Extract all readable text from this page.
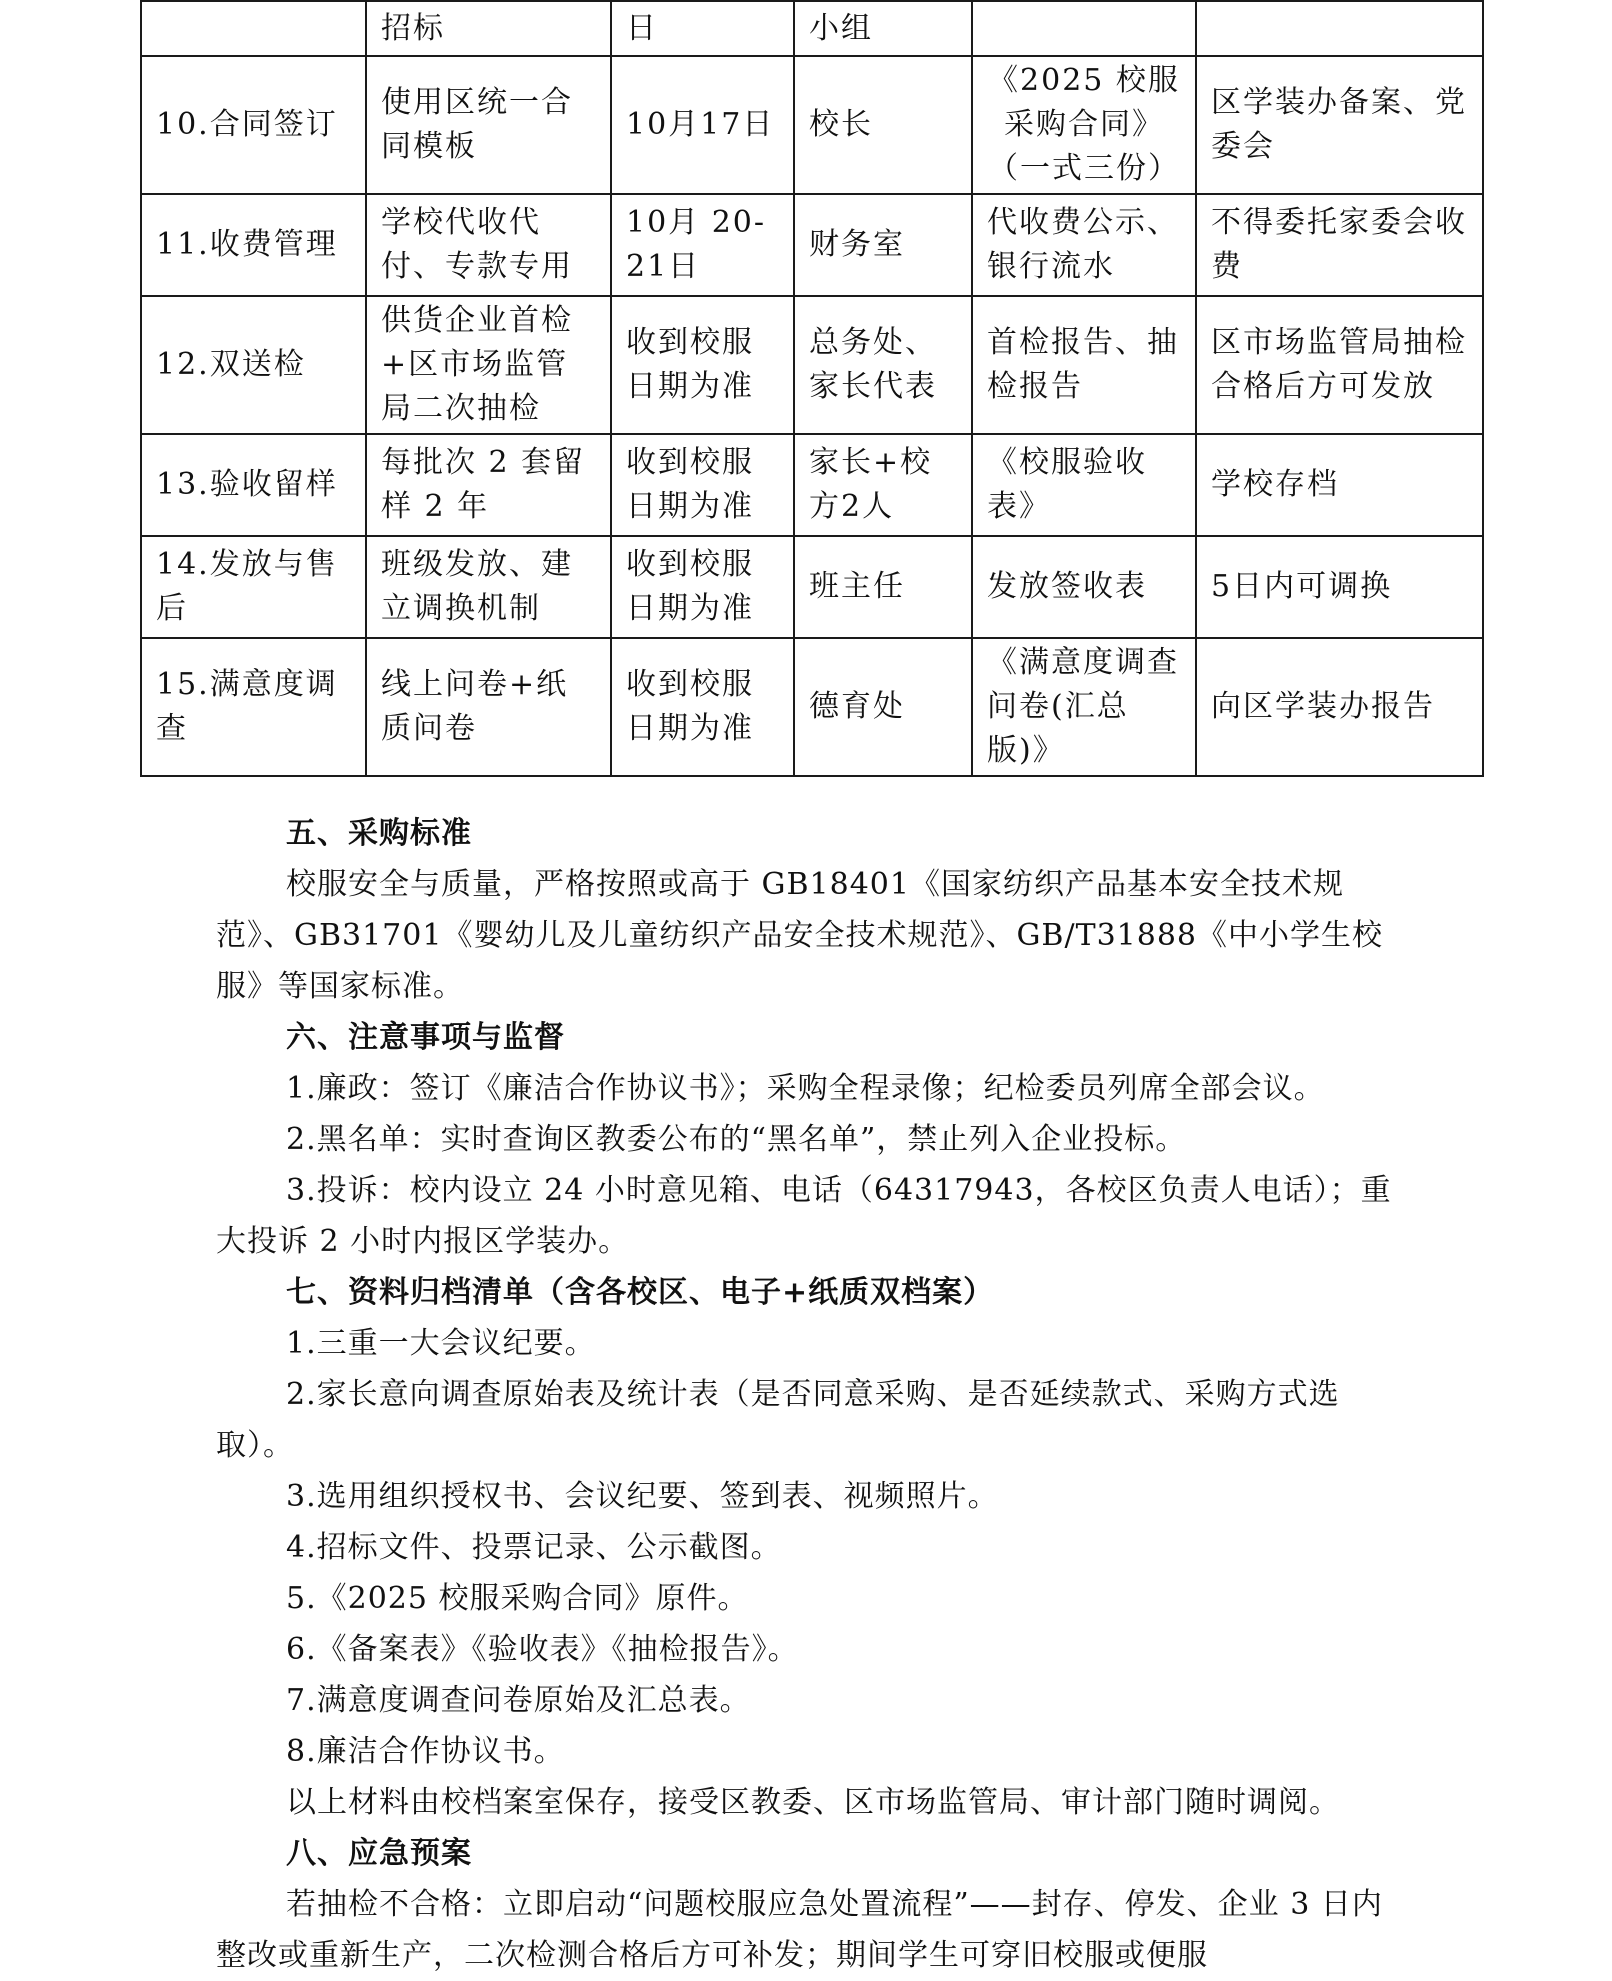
	招标	日	小组		
10.合同签订	使用区统一合同模板	10月17日	校长	《2025 校服采购合同》（一式三份）	区学装办备案、党委会
11.收费管理	学校代收代付、专款专用	10月 20-21日	财务室	代收费公示、银行流水	不得委托家委会收费
12.双送检	供货企业首检+区市场监管局二次抽检	收到校服日期为准	总务处、家长代表	首检报告、抽检报告	区市场监管局抽检合格后方可发放
13.验收留样	每批次 2 套留样 2 年	收到校服日期为准	家长+校方2人	《校服验收表》	学校存档
14.发放与售后	班级发放、建立调换机制	收到校服日期为准	班主任	发放签收表	5日内可调换
15.满意度调查	线上问卷+纸质问卷	收到校服日期为准	德育处	《满意度调查问卷(汇总版)》	向区学装办报告

五、采购标准

校服安全与质量，严格按照或高于 GB18401《国家纺织产品基本安全技术规范》、GB31701《婴幼儿及儿童纺织产品安全技术规范》、GB/T31888《中小学生校服》等国家标准。

六、注意事项与监督

1.廉政：签订《廉洁合作协议书》；采购全程录像；纪检委员列席全部会议。

2.黑名单：实时查询区教委公布的“黑名单”，禁止列入企业投标。

3.投诉：校内设立 24 小时意见箱、电话（64317943，各校区负责人电话）；重大投诉 2 小时内报区学装办。

七、资料归档清单（含各校区、电子+纸质双档案）

1.三重一大会议纪要。

2.家长意向调查原始表及统计表（是否同意采购、是否延续款式、采购方式选取）。

3.选用组织授权书、会议纪要、签到表、视频照片。

4.招标文件、投票记录、公示截图。

5.《2025 校服采购合同》原件。

6.《备案表》《验收表》《抽检报告》。

7.满意度调查问卷原始及汇总表。

8.廉洁合作协议书。

以上材料由校档案室保存，接受区教委、区市场监管局、审计部门随时调阅。

八、应急预案

若抽检不合格：立即启动“问题校服应急处置流程”——封存、停发、企业 3 日内整改或重新生产，二次检测合格后方可补发；期间学生可穿旧校服或便服
